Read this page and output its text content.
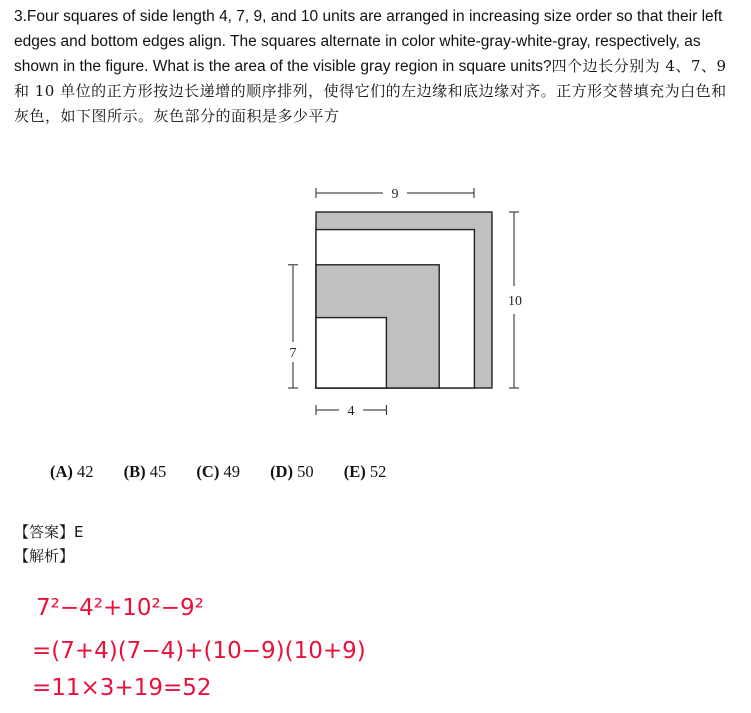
3.Four squares of side length 4, 7, 9, and 10 units are arranged in increasing size order so that their left edges and bottom edges align. The squares alternate in color white-gray-white-gray, respectively, as shown in the figure. What is the area of the visible gray region in square units?四个边长分别为 4、7、9 和 10 单位的正方形按边长递增的顺序排列，使得它们的左边缘和底边缘对齐。正方形交替填充为白色和灰色，如下图所示。灰色部分的面积是多少平方

9
10
7
4
(A) 42 (B) 45 (C) 49 (D) 50 (E) 52
【答案】E
【解析】
7²−4²+10²−9²
=(7+4)(7−4)+(10−9)(10+9)
=11×3+19=52
